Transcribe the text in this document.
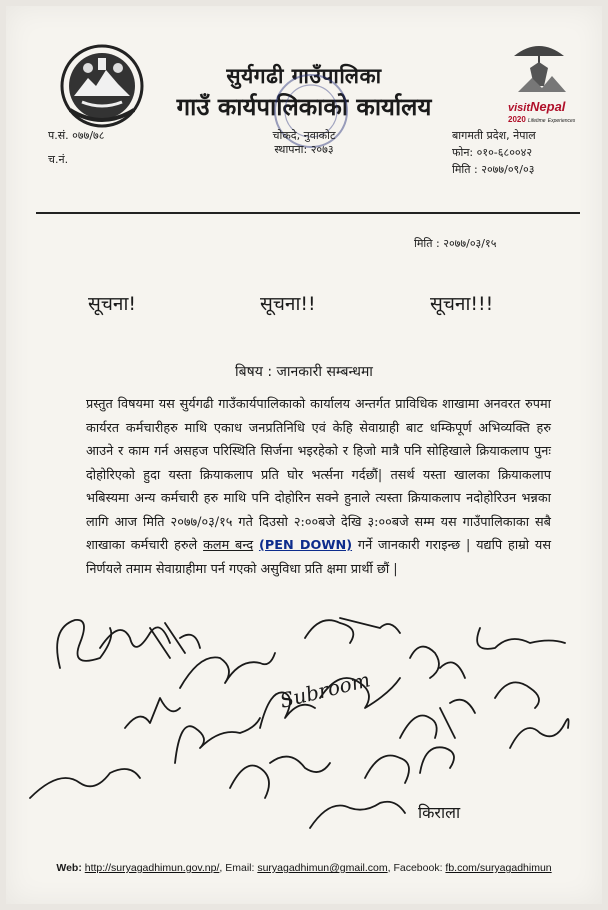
visitNepal
2020 Lifetime Experiences
सुर्यगढी गाउँपालिका
गाउँ कार्यपालिकाको कार्यालय
चोकदे, नुवाकोट
स्थापना: २०७३
प.सं. ०७७/७८
च.नं.
बागमती प्रदेश, नेपाल
फोन: ०१०-६८००४२
मिति : २०७७/०९/०३
मिति : २०७७/०३/१५
सूचना!	सूचना!!	सूचना!!!
बिषय : जानकारी सम्बन्धमा
प्रस्तुत विषयमा यस सुर्यगढी गाउँकार्यपालिकाको कार्यालय अन्तर्गत प्राविधिक शाखामा अनवरत रुपमा कार्यरत कर्मचारीहरु माथि एकाध जनप्रतिनिधि एवं केहि सेवाग्राही बाट धम्किपूर्ण अभिव्यक्ति हरु आउने र काम गर्न असहज परिस्थिति सिर्जना भइरहेको र हिजो मात्रै पनि सोहिखाले क्रियाकलाप पुनः दोहोरिएको हुदा यस्ता क्रियाकलाप प्रति घोर भर्त्सना गर्दछौं| तसर्थ यस्ता खालका क्रियाकलाप भबिस्यमा अन्य कर्मचारी हरु माथि पनि दोहोरिन सक्ने हुनाले त्यस्ता क्रियाकलाप नदोहोरिउन भन्नका लागि आज मिति २०७७/०३/१५ गते दिउसो २:००बजे देखि ३:००बजे सम्म यस गाउँपालिकाका सबै शाखाका कर्मचारी हरुले कलम बन्द (PEN DOWN) गर्ने जानकारी गराइन्छ | यद्यपि हाम्रो यस निर्णयले तमाम सेवाग्राहीमा पर्न गएको असुविधा प्रति क्षमा प्रार्थी छौं |
Subroom
किराला
Web: http://suryagadhimun.gov.np/, Email: suryagadhimun@gmail.com, Facebook: fb.com/suryagadhimun
